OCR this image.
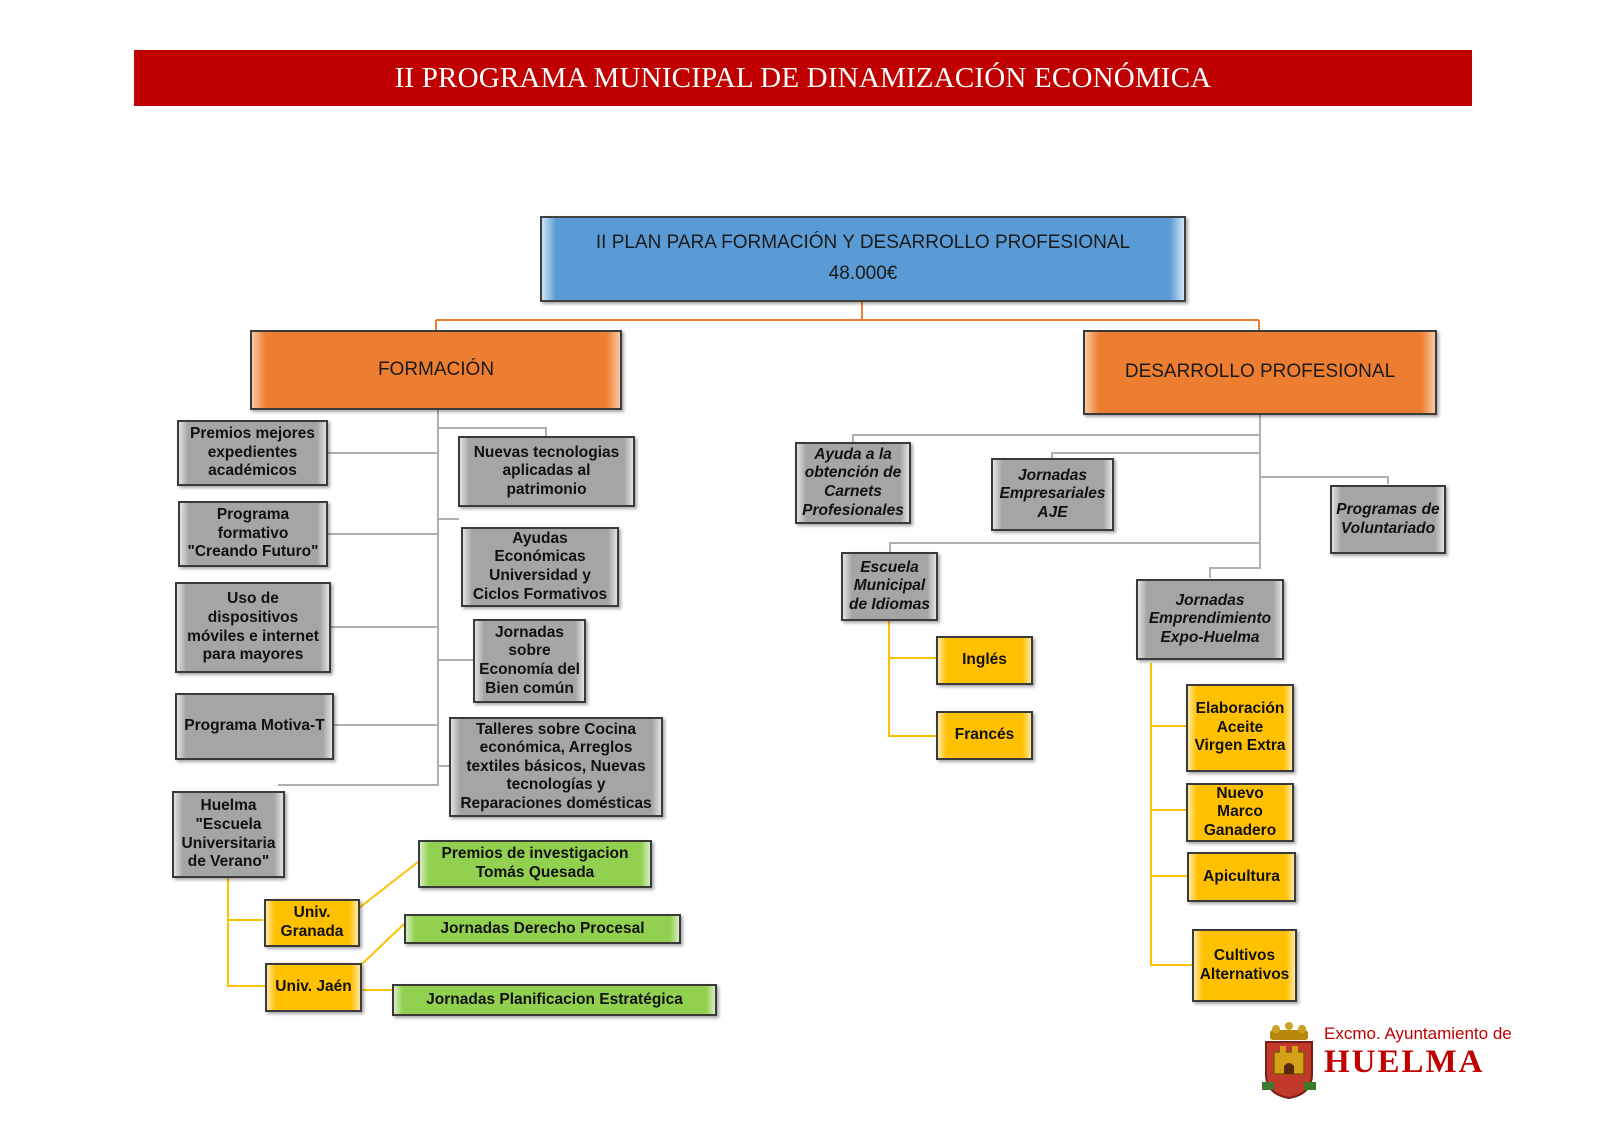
II PROGRAMA MUNICIPAL DE DINAMIZACIÓN ECONÓMICA
II PLAN PARA FORMACIÓN Y DESARROLLO PROFESIONAL
48.000€
FORMACIÓN	DESARROLLO PROFESIONAL
Premios mejores
expedientes
académicos
Programa
formativo
"Creando Futuro"
Uso de
dispositivos
móviles e internet
para mayores
Programa Motiva-T
Huelma
"Escuela
Universitaria
de Verano"
Nuevas tecnologias
aplicadas al
patrimonio
Ayudas
Económicas
Universidad y
Ciclos Formativos
Jornadas
sobre
Economía del
Bien común
Talleres sobre Cocina
económica, Arreglos
textiles básicos, Nuevas
tecnologías y
Reparaciones domésticas
Univ.
Granada
Univ. Jaén
Premios de investigacion
Tomás Quesada
Jornadas Derecho Procesal
Jornadas Planificacion Estratégica
Ayuda a la
obtención de
Carnets
Profesionales
Jornadas
Empresariales
AJE	Programas de
Voluntariado
Escuela
Municipal
de Idiomas	Jornadas
Emprendimiento
Expo-Huelma
Inglés
Francés
Elaboración
Aceite
Virgen Extra
Nuevo
Marco
Ganadero
Apicultura
Cultivos
Alternativos
Excmo. Ayuntamiento de
HUELMA
